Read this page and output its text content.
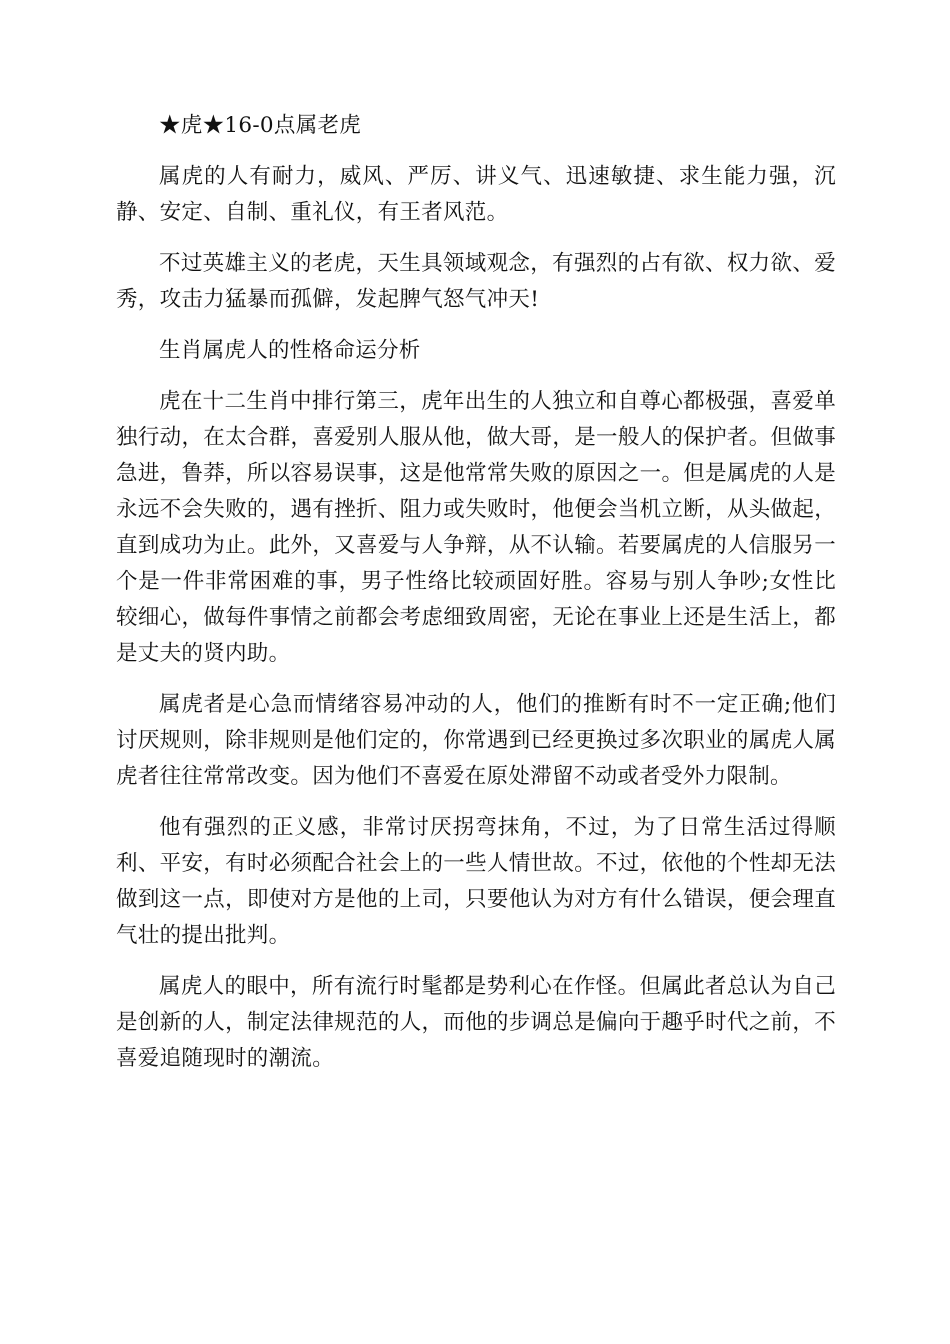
★虎★16-0点属老虎

属虎的人有耐力，威风、严厉、讲义气、迅速敏捷、求生能力强，沉静、安定、自制、重礼仪，有王者风范。

不过英雄主义的老虎，天生具领域观念，有强烈的占有欲、权力欲、爱秀，攻击力猛暴而孤僻，发起脾气怒气冲天!

生肖属虎人的性格命运分析

虎在十二生肖中排行第三，虎年出生的人独立和自尊心都极强，喜爱单独行动，在太合群，喜爱别人服从他，做大哥，是一般人的保护者。但做事急进，鲁莽，所以容易误事，这是他常常失败的原因之一。但是属虎的人是永远不会失败的，遇有挫折、阻力或失败时，他便会当机立断，从头做起，直到成功为止。此外，又喜爱与人争辩，从不认输。若要属虎的人信服另一个是一件非常困难的事，男子性络比较顽固好胜。容易与别人争吵;女性比较细心，做每件事情之前都会考虑细致周密，无论在事业上还是生活上，都是丈夫的贤内助。

属虎者是心急而情绪容易冲动的人，他们的推断有时不一定正确;他们讨厌规则，除非规则是他们定的，你常遇到已经更换过多次职业的属虎人属虎者往往常常改变。因为他们不喜爱在原处滞留不动或者受外力限制。

他有强烈的正义感，非常讨厌拐弯抹角，不过，为了日常生活过得顺利、平安，有时必须配合社会上的一些人情世故。不过，依他的个性却无法做到这一点，即使对方是他的上司，只要他认为对方有什么错误，便会理直气壮的提出批判。

属虎人的眼中，所有流行时髦都是势利心在作怪。但属此者总认为自己是创新的人，制定法律规范的人，而他的步调总是偏向于趣乎时代之前，不喜爱追随现时的潮流。
